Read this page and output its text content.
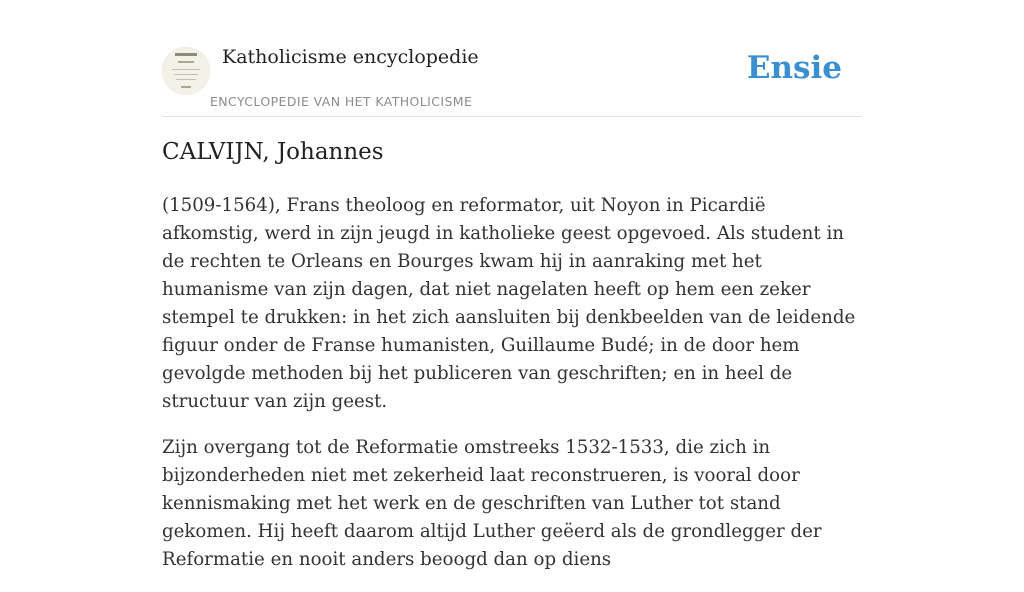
Katholicisme encyclopedie
ENCYCLOPEDIE VAN HET KATHOLICISME
Ensie
CALVIJN, Johannes

(1509-1564), Frans theoloog en reformator, uit Noyon in Picardië afkomstig, werd in zijn jeugd in katholieke geest opgevoed. Als student in de rechten te Orleans en Bourges kwam hij in aanraking met het humanisme van zijn dagen, dat niet nagelaten heeft op hem een zeker stempel te drukken: in het zich aansluiten bij denkbeelden van de leidende figuur onder de Franse humanisten, Guillaume Budé; in de door hem gevolgde methoden bij het publiceren van geschriften; en in heel de structuur van zijn geest.

Zijn overgang tot de Reformatie omstreeks 1532-1533, die zich in bijzonderheden niet met zekerheid laat reconstrueren, is vooral door kennismaking met het werk en de geschriften van Luther tot stand gekomen. Hij heeft daarom altijd Luther geëerd als de grondlegger der Reformatie en nooit anders beoogd dan op diens
